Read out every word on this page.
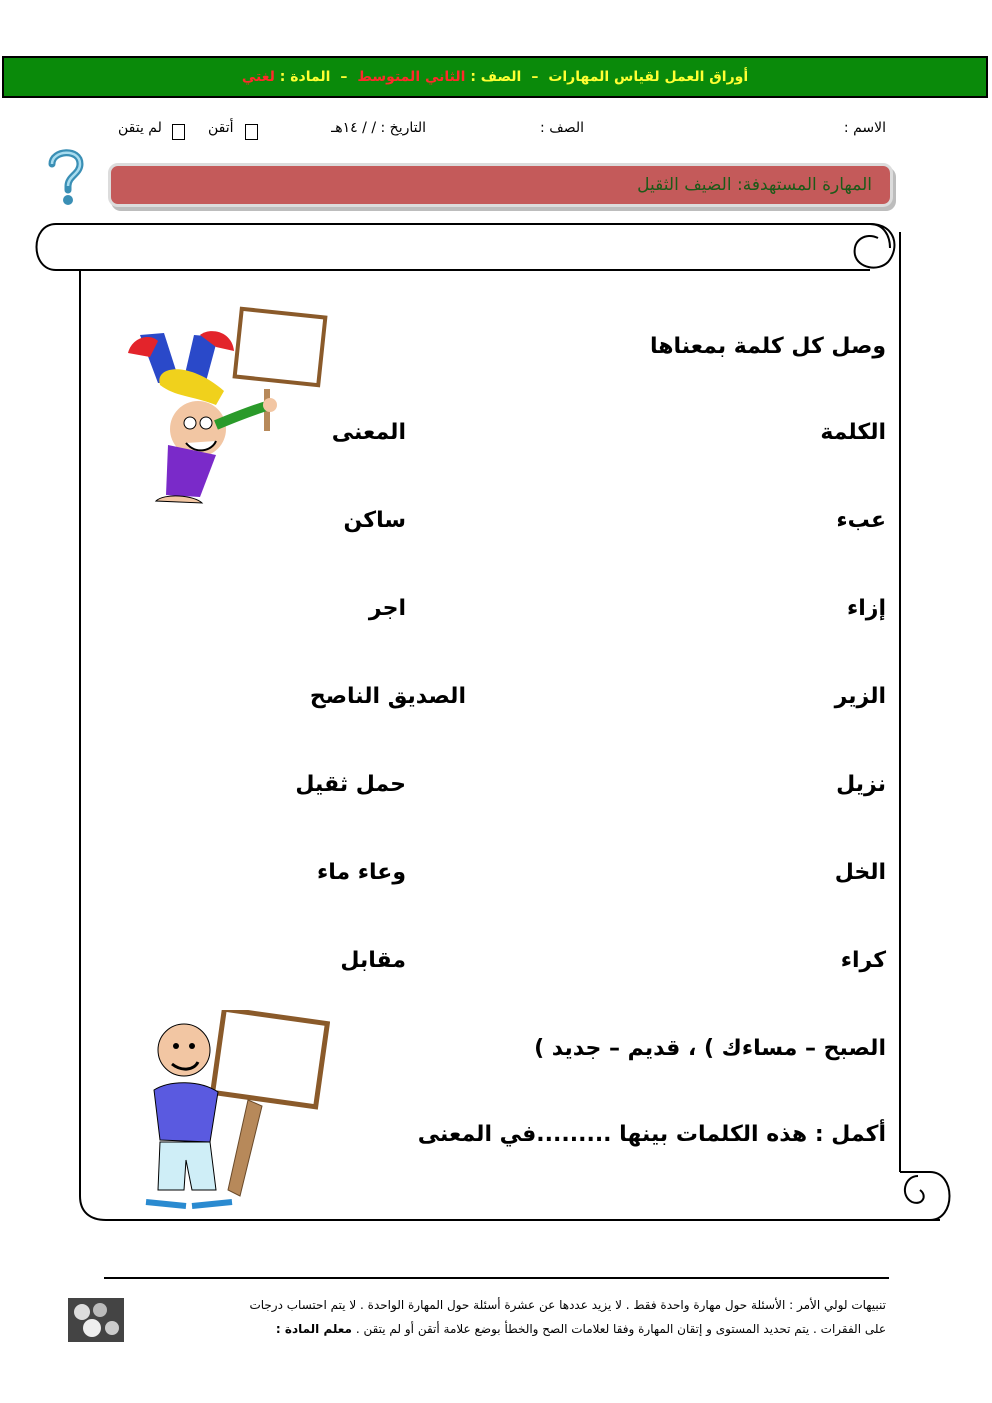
أوراق العمل لقياس المهارات
–
الصف :

الثاني المتوسط
–
المادة :

لغتي
الاسم :
الصف :
التاريخ : / / ١٤هـ
أتقن
لم يتقن
المهارة المستهدفة: الضيف الثقيل
وصل كل كلمة بمعناها
الكلمة
المعنى
عبء
إزاء
الزير
نزيل
الخل
كراء
ساكن
اجر
الصديق الناصح
حمل ثقيل
وعاء ماء
مقابل
الصبح – مساءك ) ، قديم – جديد )
أكمل : هذه الكلمات بينها .........في المعنى
تنبيهات لولي الأمر : الأسئلة حول مهارة واحدة فقط . لا يزيد عددها عن عشرة أسئلة حول المهارة الواحدة . لا يتم احتساب درجات
على الفقرات . يتم تحديد المستوى و إتقان المهارة وفقا لعلامات الصح والخطأ بوضع علامة أتقن أو لم يتقن . معلم المادة :
